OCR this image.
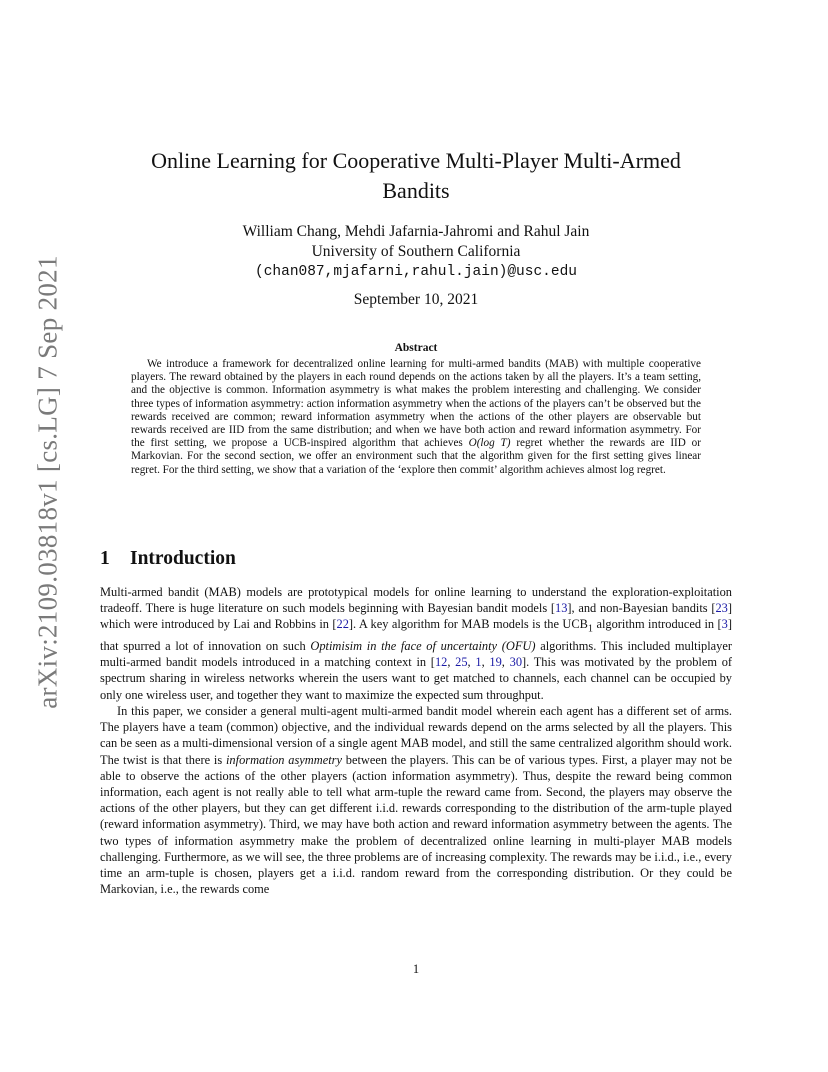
arXiv:2109.03818v1 [cs.LG] 7 Sep 2021
Online Learning for Cooperative Multi-Player Multi-Armed
Bandits
William Chang, Mehdi Jafarnia-Jahromi and Rahul Jain
University of Southern California
(chan087,mjafarni,rahul.jain)@usc.edu
September 10, 2021
Abstract

We introduce a framework for decentralized online learning for multi-armed bandits (MAB) with multiple cooperative players. The reward obtained by the players in each round depends on the actions taken by all the players. It’s a team setting, and the objective is common. Information asymmetry is what makes the problem interesting and challenging. We consider three types of information asymmetry: action information asymmetry when the actions of the players can’t be observed but the rewards received are common; reward information asymmetry when the actions of the other players are observable but rewards received are IID from the same distribution; and when we have both action and reward information asymmetry. For the first setting, we propose a UCB-inspired algorithm that achieves O(log T) regret whether the rewards are IID or Markovian. For the second section, we offer an environment such that the algorithm given for the first setting gives linear regret. For the third setting, we show that a variation of the ‘explore then commit’ algorithm achieves almost log regret.

1 Introduction

Multi-armed bandit (MAB) models are prototypical models for online learning to understand the exploration-exploitation tradeoff. There is huge literature on such models beginning with Bayesian bandit models [13], and non-Bayesian bandits [23] which were introduced by Lai and Robbins in [22]. A key algorithm for MAB models is the $UCB_1$ algorithm introduced in [3] that spurred a lot of innovation on such Optimisim in the face of uncertainty (OFU) algorithms. This included multiplayer multi-armed bandit models introduced in a matching context in [12, 25, 1, 19, 30]. This was motivated by the problem of spectrum sharing in wireless networks wherein the users want to get matched to channels, each channel can be occupied by only one wireless user, and together they want to maximize the expected sum throughput.

In this paper, we consider a general multi-agent multi-armed bandit model wherein each agent has a different set of arms. The players have a team (common) objective, and the individual rewards depend on the arms selected by all the players. This can be seen as a multi-dimensional version of a single agent MAB model, and still the same centralized algorithm should work. The twist is that there is information asymmetry between the players. This can be of various types. First, a player may not be able to observe the actions of the other players (action information asymmetry). Thus, despite the reward being common information, each agent is not really able to tell what arm-tuple the reward came from. Second, the players may observe the actions of the other players, but they can get different i.i.d. rewards corresponding to the distribution of the arm-tuple played (reward information asymmetry). Third, we may have both action and reward information asymmetry between the agents. The two types of information asymmetry make the problem of decentralized online learning in multi-player MAB models challenging. Furthermore, as we will see, the three problems are of increasing complexity. The rewards may be i.i.d., i.e., every time an arm-tuple is chosen, players get a i.i.d. random reward from the corresponding distribution. Or they could be Markovian, i.e., the rewards come

1
